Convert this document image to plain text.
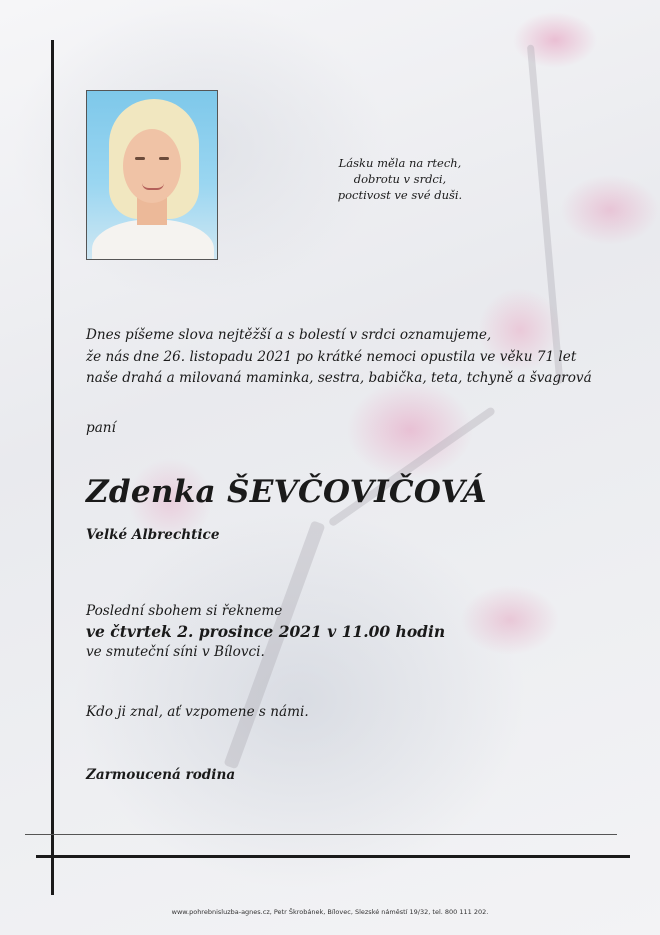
Lásku měla na rtech,
dobrotu v srdci,
poctivost ve své duši.
Dnes píšeme slova nejtěžší a s bolestí v srdci oznamujeme,
že nás dne 26. listopadu 2021 po krátké nemoci opustila ve věku 71 let
naše drahá a milovaná maminka, sestra, babička, teta, tchyně a švagrová
paní
Zdenka ŠEVČOVIČOVÁ
Velké Albrechtice
Poslední sbohem si řekneme
ve čtvrtek 2. prosince 2021 v 11.00 hodin
ve smuteční síni v Bílovci.
Kdo ji znal, ať vzpomene s námi.
Zarmoucená rodina
www.pohrebnisluzba-agnes.cz, Petr Škrobánek, Bílovec, Slezské náměstí 19/32, tel. 800 111 202.
